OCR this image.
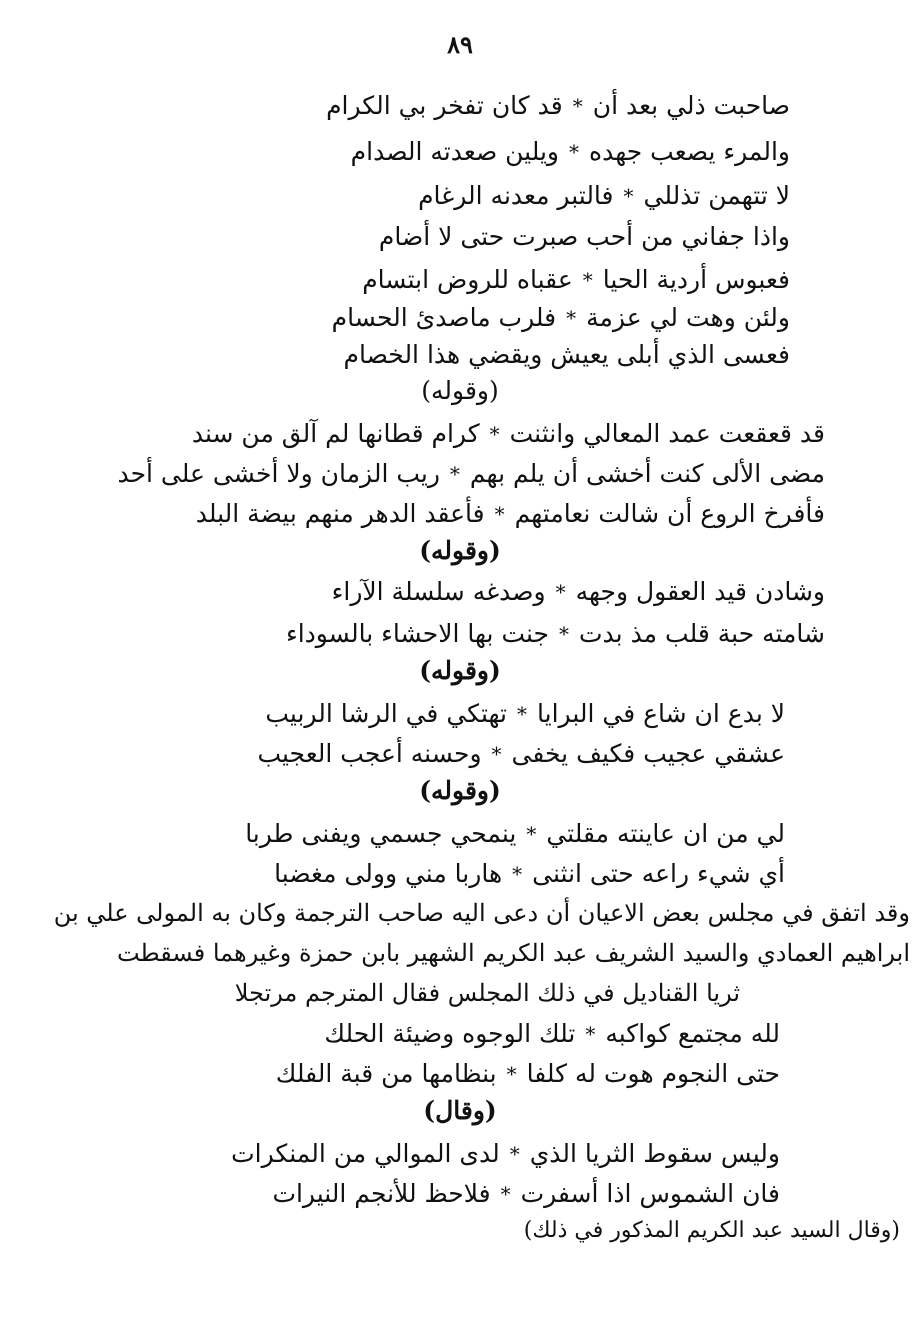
٨٩
صاحبت ذلي بعد أن
*
قد كان تفخر بي الكرام
والمرء يصعب جهده
*
ويلين صعدته الصدام
لا تتهمن تذللي
*
فالتبر معدنه الرغام
واذا جفاني من أحب صبرت حتى لا أضام
فعبوس أردية الحيا
*
عقباه للروض ابتسام
ولئن وهت لي عزمة
*
فلرب ماصدئ الحسام
فعسى الذي أبلى يعيش ويقضي هذا الخصام
(وقوله)
قد قعقعت عمد المعالي وانثنت
*
كرام قطانها لم آلق من سند
مضى الألى كنت أخشى أن يلم بهم
*
ريب الزمان ولا أخشى على أحد
فأفرخ الروع أن شالت نعامتهم
*
فأعقد الدهر منهم بيضة البلد
(وقوله)
وشادن قيد العقول وجهه
*
وصدغه سلسلة الآراء
شامته حبة قلب مذ بدت
*
جنت بها الاحشاء بالسوداء
(وقوله)
لا بدع ان شاع في البرايا
*
تهتكي في الرشا الربيب
عشقي عجيب فكيف يخفى
*
وحسنه أعجب العجيب
(وقوله)
لي من ان عاينته مقلتي
*
ينمحي جسمي ويفنى طربا
أي شيء راعه حتى انثنى
*
هاربا مني وولى مغضبا
وقد اتفق في مجلس بعض الاعيان أن دعى اليه صاحب الترجمة وكان به المولى علي بن
ابراهيم العمادي والسيد الشريف عبد الكريم الشهير بابن حمزة وغيرهما فسقطت
ثريا القناديل في ذلك المجلس فقال المترجم مرتجلا
لله مجتمع كواكبه
*
تلك الوجوه وضيئة الحلك
حتى النجوم هوت له كلفا
*
بنظامها من قبة الفلك
(وقال)
وليس سقوط الثريا الذي
*
لدى الموالي من المنكرات
فان الشموس اذا أسفرت
*
فلاحظ للأنجم النيرات
(وقال السيد عبد الكريم المذكور في ذلك)
